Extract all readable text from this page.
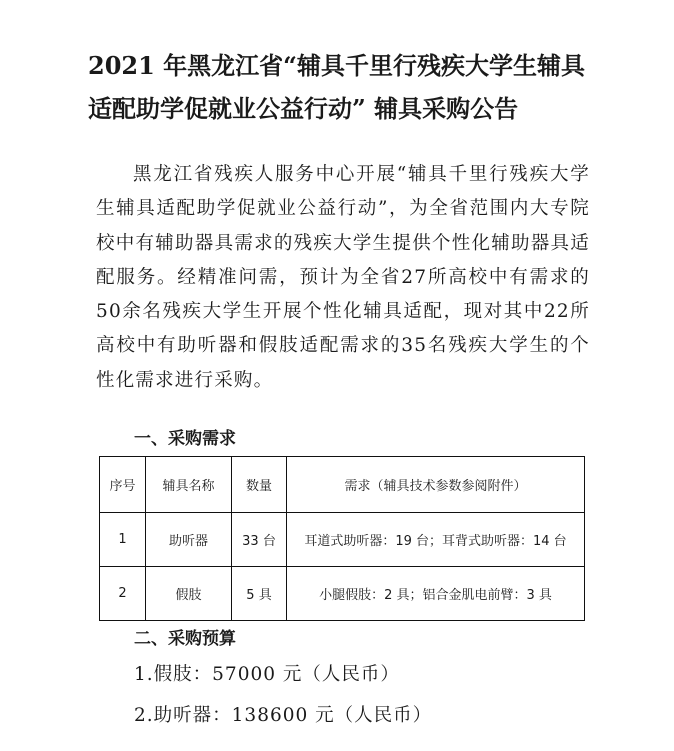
2021 年黑龙江省“辅具千里行残疾大学生辅具适配助学促就业公益行动” 辅具采购公告

黑龙江省残疾人服务中心开展“辅具千里行残疾大学生辅具适配助学促就业公益行动”，为全省范围内大专院校中有辅助器具需求的残疾大学生提供个性化辅助器具适配服务。经精准问需，预计为全省27所高校中有需求的50余名残疾大学生开展个性化辅具适配，现对其中22所高校中有助听器和假肢适配需求的35名残疾大学生的个性化需求进行采购。

一、采购需求
序号	辅具名称	数量	需求（辅具技术参数参阅附件）
1	助听器	33 台	耳道式助听器：19 台；耳背式助听器：14 台
2	假肢	5 具	小腿假肢：2 具；铝合金肌电前臂：3 具
二、采购预算

1.假肢：57000 元（人民币）

2.助听器：138600 元（人民币）
